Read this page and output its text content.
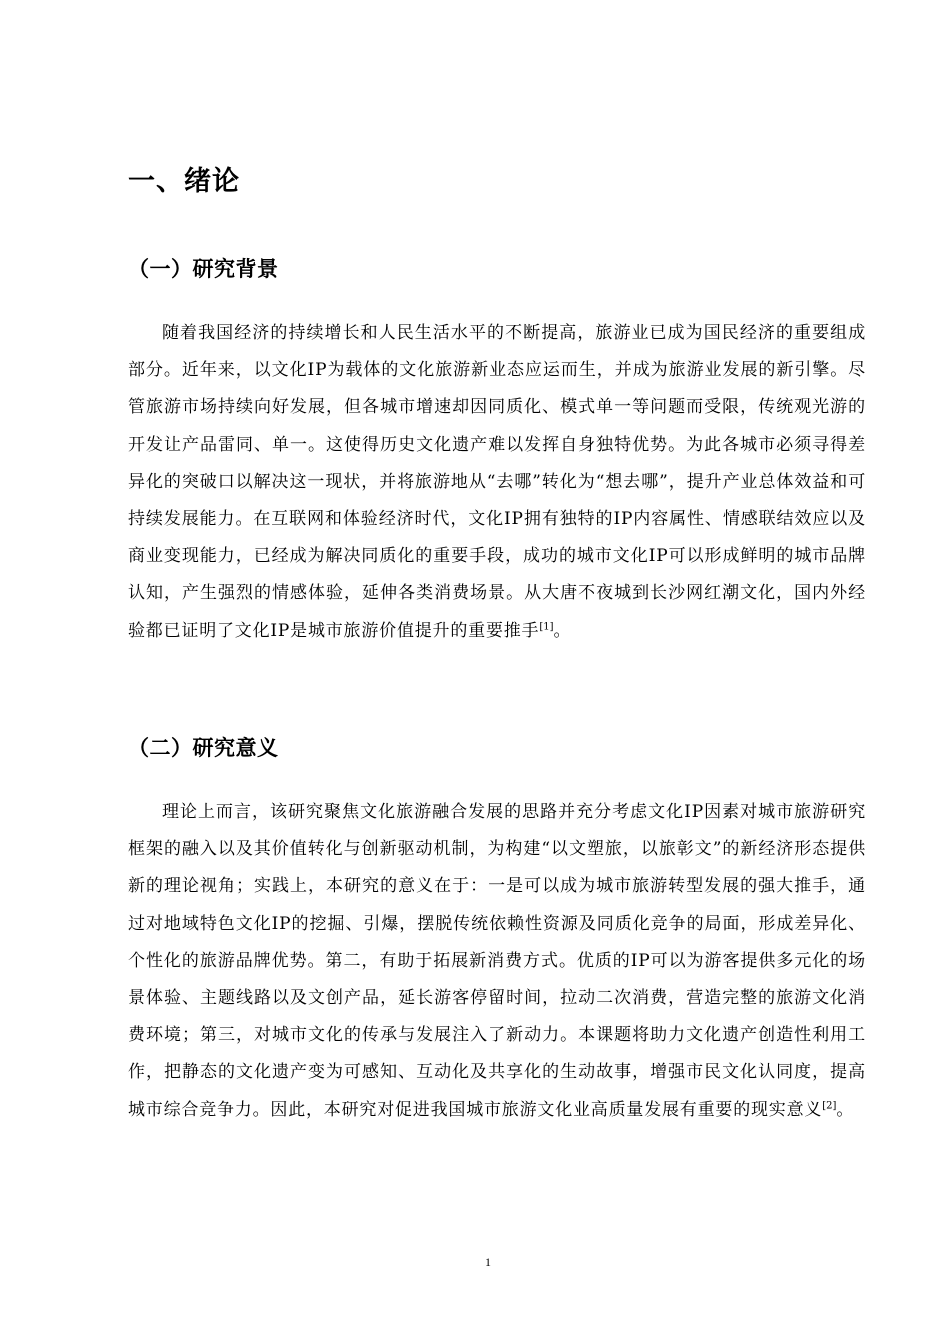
一、绪论
（一）研究背景

随着我国经济的持续增长和人民生活水平的不断提高，旅游业已成为国民经济的重要组成部分。近年来，以文化IP为载体的文化旅游新业态应运而生，并成为旅游业发展的新引擎。尽管旅游市场持续向好发展，但各城市增速却因同质化、模式单一等问题而受限，传统观光游的开发让产品雷同、单一。这使得历史文化遗产难以发挥自身独特优势。为此各城市必须寻得差异化的突破口以解决这一现状，并将旅游地从“去哪”转化为“想去哪”，提升产业总体效益和可持续发展能力。在互联网和体验经济时代，文化IP拥有独特的IP内容属性、情感联结效应以及商业变现能力，已经成为解决同质化的重要手段，成功的城市文化IP可以形成鲜明的城市品牌认知，产生强烈的情感体验，延伸各类消费场景。从大唐不夜城到长沙网红潮文化，国内外经验都已证明了文化IP是城市旅游价值提升的重要推手[1]。

（二）研究意义

理论上而言，该研究聚焦文化旅游融合发展的思路并充分考虑文化IP因素对城市旅游研究框架的融入以及其价值转化与创新驱动机制，为构建“以文塑旅，以旅彰文”的新经济形态提供新的理论视角；实践上，本研究的意义在于：一是可以成为城市旅游转型发展的强大推手，通过对地域特色文化IP的挖掘、引爆，摆脱传统依赖性资源及同质化竞争的局面，形成差异化、个性化的旅游品牌优势。第二，有助于拓展新消费方式。优质的IP可以为游客提供多元化的场景体验、主题线路以及文创产品，延长游客停留时间，拉动二次消费，营造完整的旅游文化消费环境；第三，对城市文化的传承与发展注入了新动力。本课题将助力文化遗产创造性利用工作，把静态的文化遗产变为可感知、互动化及共享化的生动故事，增强市民文化认同度，提高城市综合竞争力。因此，本研究对促进我国城市旅游文化业高质量发展有重要的现实意义[2]。

1
